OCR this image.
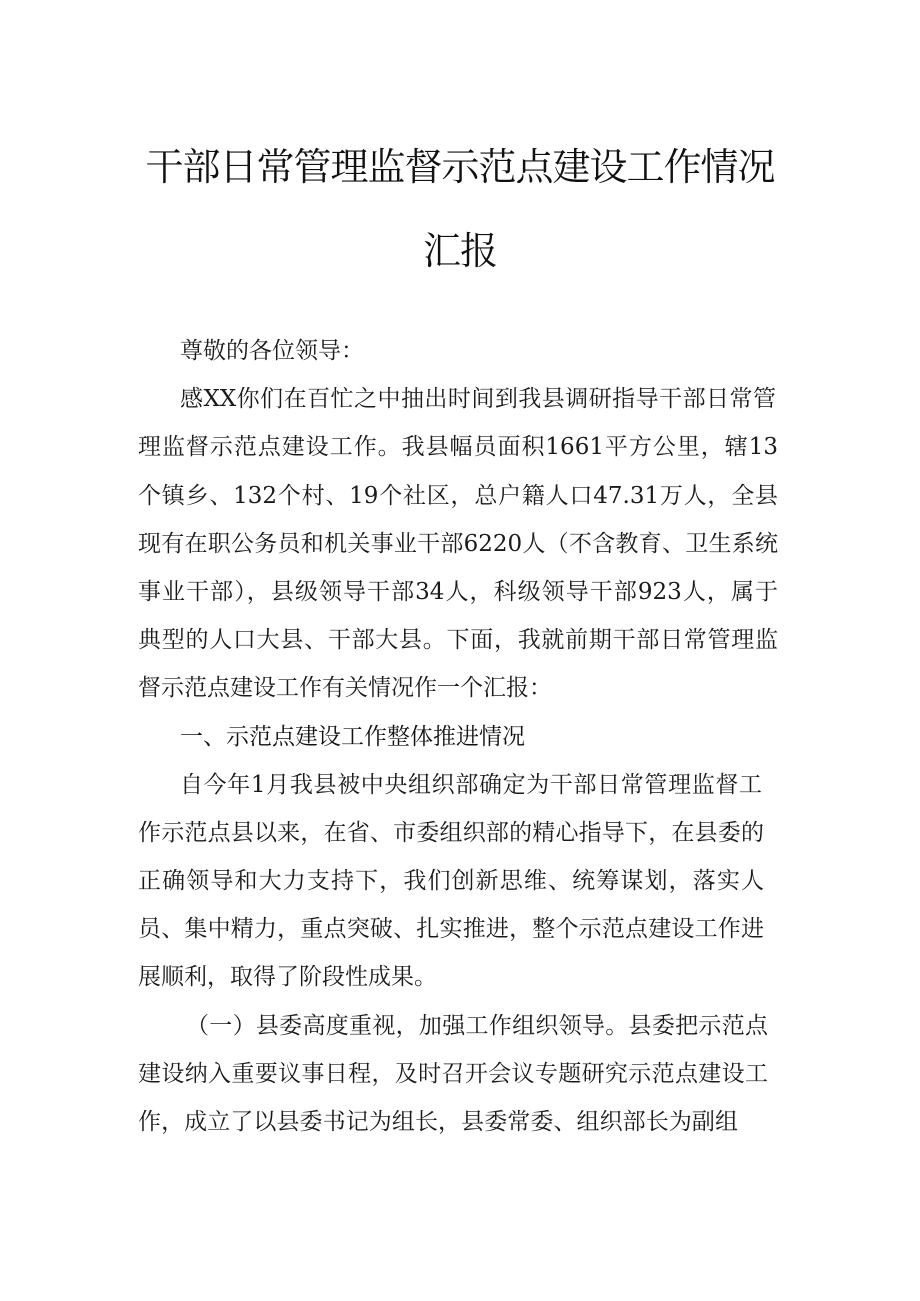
干部日常管理监督示范点建设工作情况
汇报
尊敬的各位领导：
感XX你们在百忙之中抽出时间到我县调研指导干部日常管
理监督示范点建设工作。我县幅员面积1661平方公里，辖13
个镇乡、132个村、19个社区，总户籍人口47.31万人，全县
现有在职公务员和机关事业干部6220人（不含教育、卫生系统
事业干部），县级领导干部34人，科级领导干部923人，属于
典型的人口大县、干部大县。下面，我就前期干部日常管理监
督示范点建设工作有关情况作一个汇报：
一、示范点建设工作整体推进情况
自今年1月我县被中央组织部确定为干部日常管理监督工
作示范点县以来，在省、市委组织部的精心指导下，在县委的
正确领导和大力支持下，我们创新思维、统筹谋划，落实人
员、集中精力，重点突破、扎实推进，整个示范点建设工作进
展顺利，取得了阶段性成果。
（一）县委高度重视，加强工作组织领导。县委把示范点
建设纳入重要议事日程，及时召开会议专题研究示范点建设工
作，成立了以县委书记为组长，县委常委、组织部长为副组
